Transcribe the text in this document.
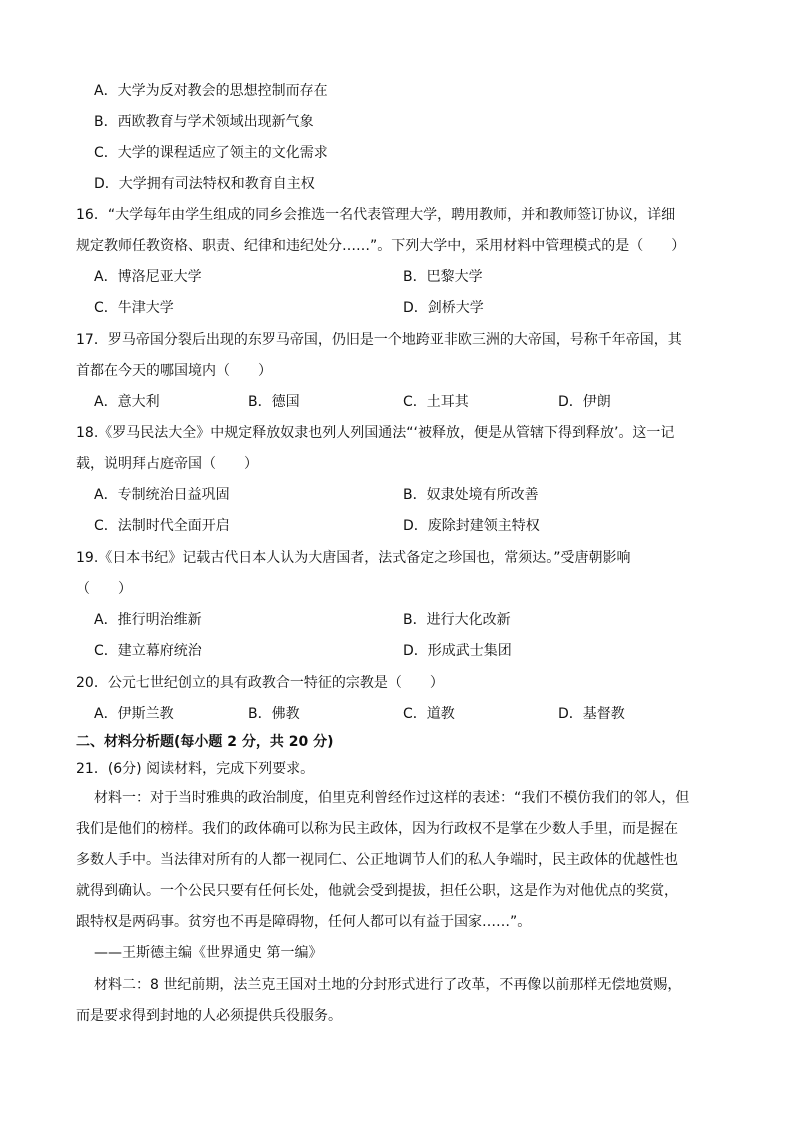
A．大学为反对教会的思想控制而存在
B．西欧教育与学术领域出现新气象
C．大学的课程适应了领主的文化需求
D．大学拥有司法特权和教育自主权
16．“大学每年由学生组成的同乡会推选一名代表管理大学，聘用教师，并和教师签订协议，详细
规定教师任教资格、职责、纪律和违纪处分……”。下列大学中，采用材料中管理模式的是（　　）
A．博洛尼亚大学	B．巴黎大学
C．牛津大学	D．剑桥大学
17．罗马帝国分裂后出现的东罗马帝国，仍旧是一个地跨亚非欧三洲的大帝国，号称千年帝国，其
首都在今天的哪国境内（　　）
A．意大利	B．德国	C．土耳其	D．伊朗
18.《罗马民法大全》中规定释放奴隶也列人列国通法“‘被释放，便是从管辖下得到释放’。这一记
载，说明拜占庭帝国（　　）
A．专制统治日益巩固	B．奴隶处境有所改善
C．法制时代全面开启	D．废除封建领主特权
19.《日本书纪》记载古代日本人认为大唐国者，法式备定之珍国也，常须达。”受唐朝影响
（　　）
A．推行明治维新	B．进行大化改新
C．建立幕府统治	D．形成武士集团
20．公元七世纪创立的具有政教合一特征的宗教是（　　）
A．伊斯兰教	B．佛教	C．道教	D．基督教
二、材料分析题(每小题 2 分，共 20 分)
21．(6分) 阅读材料，完成下列要求。
材料一：对于当时雅典的政治制度，伯里克利曾经作过这样的表述：“我们不模仿我们的邻人，但
我们是他们的榜样。我们的政体确可以称为民主政体，因为行政权不是掌在少数人手里，而是握在
多数人手中。当法律对所有的人都一视同仁、公正地调节人们的私人争端时，民主政体的优越性也
就得到确认。一个公民只要有任何长处，他就会受到提拔，担任公职，这是作为对他优点的奖赏，
跟特权是两码事。贫穷也不再是障碍物，任何人都可以有益于国家……”。
——王斯德主编《世界通史 第一编》
材料二：8 世纪前期，法兰克王国对土地的分封形式进行了改革，不再像以前那样无偿地赏赐，
而是要求得到封地的人必须提供兵役服务。
